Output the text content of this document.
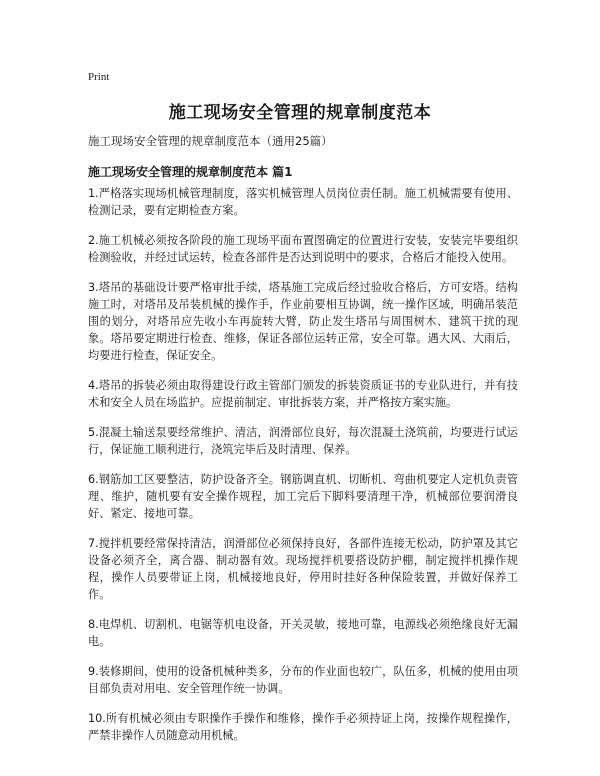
Print
施工现场安全管理的规章制度范本
施工现场安全管理的规章制度范本（通用25篇）
施工现场安全管理的规章制度范本 篇1

1.严格落实现场机械管理制度，落实机械管理人员岗位责任制。施工机械需要有使用、检测记录，要有定期检查方案。

2.施工机械必须按各阶段的施工现场平面布置图确定的位置进行安装，安装完毕要组织检测验收，并经过试运转，检查各部件是否达到说明中的要求，合格后才能投入使用。

3.塔吊的基础设计要严格审批手续，塔基施工完成后经过验收合格后，方可安塔。结构施工时，对塔吊及吊装机械的操作手，作业前要相互协调，统一操作区域，明确吊装范围的划分，对塔吊应先收小车再旋转大臂，防止发生塔吊与周围树木、建筑干扰的现象。塔吊要定期进行检查、维修，保证各部位运转正常，安全可靠。遇大风、大雨后，均要进行检查，保证安全。

4.塔吊的拆装必须由取得建设行政主管部门颁发的拆装资质证书的专业队进行，并有技术和安全人员在场监护。应提前制定、审批拆装方案，并严格按方案实施。

5.混凝土输送泵要经常维护、清洁，润滑部位良好，每次混凝土浇筑前，均要进行试运行，保证施工顺利进行，浇筑完毕后及时清理、保养。

6.钢筋加工区要整洁，防护设备齐全。钢筋调直机、切断机、弯曲机要定人定机负责管理、维护，随机要有安全操作规程，加工完后下脚料要清理干净，机械部位要润滑良好、紧定、接地可靠。

7.搅拌机要经常保持清洁，润滑部位必须保持良好，各部件连接无松动，防护罩及其它设备必须齐全，离合器、制动器有效。现场搅拌机要搭设防护棚，制定搅拌机操作规程，操作人员要带证上岗，机械接地良好，停用时挂好各种保险装置，并做好保养工作。

8.电焊机、切割机、电锯等机电设备，开关灵敏，接地可靠，电源线必须绝缘良好无漏电。

9.装修期间，使用的设备机械种类多，分布的作业面也较广，队伍多，机械的使用由项目部负责对用电、安全管理作统一协调。

10.所有机械必须由专职操作手操作和维修，操作手必须持证上岗，按操作规程操作，严禁非操作人员随意动用机械。
